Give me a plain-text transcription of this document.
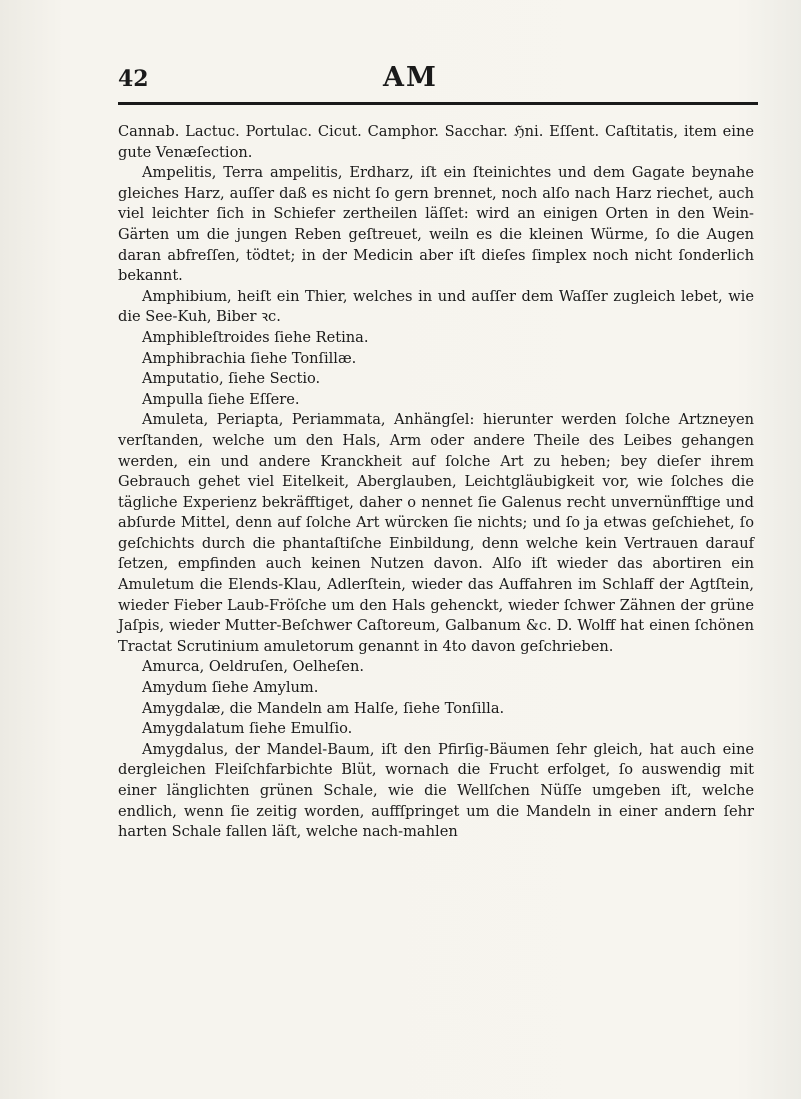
42	AM

Cannab. Lactuc. Portulac. Cicut. Camphor. Sacchar. ℌni. Eſſent. Caſtitatis, item eine gute Venæſection.

Ampelitis, Terra ampelitis, Erdharz, iſt ein ſteinichtes und dem Gagate beynahe gleiches Harz, auſſer daß es nicht ſo gern brennet, noch alſo nach Harz riechet, auch viel leichter ſich in Schiefer zertheilen läſſet: wird an einigen Orten in den Wein-Gärten um die jungen Reben geſtreuet, weiln es die kleinen Würme, ſo die Augen daran abfreſſen, tödtet; in der Medicin aber iſt dieſes ſimplex noch nicht ſonderlich bekannt.

Amphibium, heiſt ein Thier, welches in und auſſer dem Waſſer zugleich lebet, wie die See-Kuh, Biber ꝛc.

Amphibleſtroides ſiehe Retina.

Amphibrachia ſiehe Tonſillæ.

Amputatio, ſiehe Sectio.

Ampulla ſiehe Eſſere.

Amuleta, Periapta, Periammata, Anhängſel: hierunter werden ſolche Artzneyen verſtanden, welche um den Hals, Arm oder andere Theile des Leibes gehangen werden, ein und andere Kranckheit auf ſolche Art zu heben; bey dieſer ihrem Gebrauch gehet viel Eitelkeit, Aberglauben, Leichtgläubigkeit vor, wie ſolches die tägliche Experienz bekräfftiget, daher o nennet ſie Galenus recht unvernünfftige und abſurde Mittel, denn auf ſolche Art würcken ſie nichts; und ſo ja etwas geſchiehet, ſo geſchichts durch die phantaſtiſche Einbildung, denn welche kein Vertrauen darauf ſetzen, empfinden auch keinen Nutzen davon. Alſo iſt wieder das abortiren ein Amuletum die Elends-Klau, Adlerſtein, wieder das Auffahren im Schlaff der Agtſtein, wieder Fieber Laub-Fröſche um den Hals gehenckt, wieder ſchwer Zähnen der grüne Jaſpis, wieder Mutter-Beſchwer Caſtoreum, Galbanum &c. D. Wolff hat einen ſchönen Tractat Scrutinium amuletorum genannt in 4to davon geſchrieben.

Amurca, Oeldruſen, Oelheſen.

Amydum ſiehe Amylum.

Amygdalæ, die Mandeln am Halſe, ſiehe Tonſilla.

Amygdalatum ſiehe Emulſio.

Amygdalus, der Mandel-Baum, iſt den Pfirſig-Bäumen ſehr gleich, hat auch eine dergleichen Fleiſchfarbichte Blüt, wornach die Frucht erfolget, ſo auswendig mit einer länglichten grünen Schale, wie die Wellſchen Nüſſe umgeben iſt, welche endlich, wenn ſie zeitig worden, auffſpringet um die Mandeln in einer andern ſehr harten Schale fallen läſt, welche nach-mahlen
